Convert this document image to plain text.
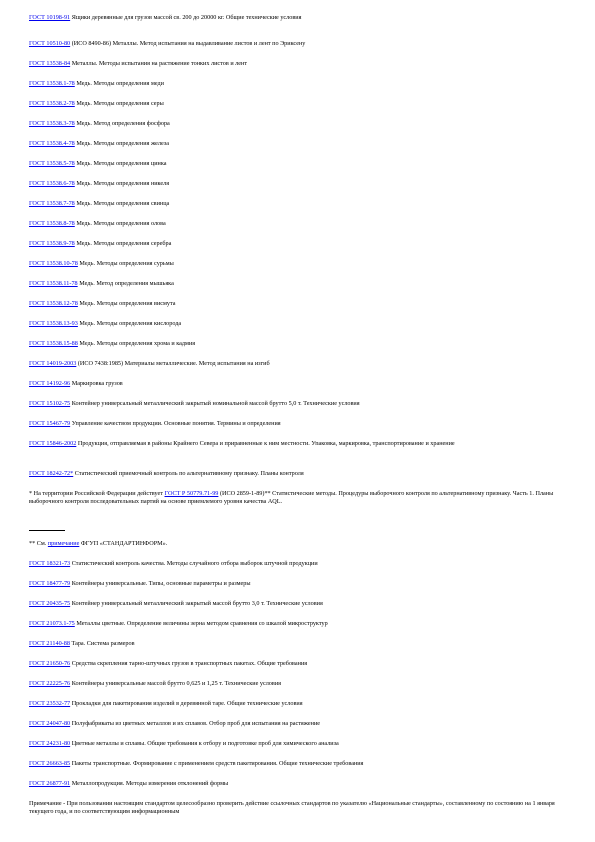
ГОСТ 10198-91 Ящики деревянные для грузов массой св. 200 до 20000 кг. Общие технические условия
ГОСТ 10510-80 (ИСО 8490-86) Металлы. Метод испытания на выдавливание листов и лент по Эриксену
ГОСТ 13538-84 Металлы. Методы испытания на растяжение тонких листов и лент
ГОСТ 13538.1-78 Медь. Методы определения меди
ГОСТ 13538.2-78 Медь. Методы определения серы
ГОСТ 13538.3-78 Медь. Метод определения фосфора
ГОСТ 13538.4-78 Медь. Методы определения железа
ГОСТ 13538.5-78 Медь. Методы определения цинка
ГОСТ 13538.6-78 Медь. Методы определения никеля
ГОСТ 13538.7-78 Медь. Методы определения свинца
ГОСТ 13538.8-78 Медь. Методы определения олова
ГОСТ 13538.9-78 Медь. Методы определения серебра
ГОСТ 13538.10-78 Медь. Методы определения сурьмы
ГОСТ 13538.11-78 Медь. Метод определения мышьяка
ГОСТ 13538.12-78 Медь. Методы определения висмута
ГОСТ 13538.13-93 Медь. Методы определения кислорода
ГОСТ 13538.15-88 Медь. Методы определения хрома и кадмия
ГОСТ 14019-2003 (ИСО 7438:1985) Материалы металлические. Метод испытания на изгиб
ГОСТ 14192-96 Маркировка грузов
ГОСТ 15102-75 Контейнер универсальный металлический закрытый номинальной массой брутто 5,0 т. Технические условия
ГОСТ 15467-79 Управление качеством продукции. Основные понятия. Термины и определения
ГОСТ 15846-2002 Продукция, отправляемая в районы Крайнего Севера и приравненные к ним местности. Упаковка, маркировка, транспортирование и хранение
ГОСТ 18242-72* Статистический приемочный контроль по альтернативному признаку. Планы контроля
* На территории Российской Федерации действует ГОСТ Р 50779.71-99 (ИСО 2859-1-89)** Статистические методы. Процедуры выборочного контроля по альтернативному признаку. Часть 1. Планы выборочного контроля последовательных партий на основе приемлемого уровня качества AQL.
** См. примечание ФГУП «СТАНДАРТИНФОРМ».
ГОСТ 18321-73 Статистический контроль качества. Методы случайного отбора выборок штучной продукции
ГОСТ 18477-79 Контейнеры универсальные. Типы, основные параметры и размеры
ГОСТ 20435-75 Контейнер универсальный металлический закрытый массой брутто 3,0 т. Технические условия
ГОСТ 21073.1-75 Металлы цветные. Определение величины зерна методом сравнения со шкалой микроструктур
ГОСТ 21140-88 Тара. Система размеров
ГОСТ 21650-76 Средства скрепления тарно-штучных грузов в транспортных пакетах. Общие требования
ГОСТ 22225-76 Контейнеры универсальные массой брутто 0,625 и 1,25 т. Технические условия
ГОСТ 23532-77 Прокладки для пакетирования изделий в деревянной таре. Общие технические условия
ГОСТ 24047-80 Полуфабрикаты из цветных металлов и их сплавов. Отбор проб для испытания на растяжение
ГОСТ 24231-80 Цветные металлы и сплавы. Общие требования к отбору и подготовке проб для химического анализа
ГОСТ 26663-85 Пакеты транспортные. Формирование с применением средств пакетирования. Общие технические требования
ГОСТ 26877-91 Металлопродукция. Методы измерения отклонений формы
Примечание - При пользовании настоящим стандартом целесообразно проверить действие ссылочных стандартов по указателю «Национальные стандарты», составленному по состоянию на 1 января текущего года, и по соответствующим информационным
